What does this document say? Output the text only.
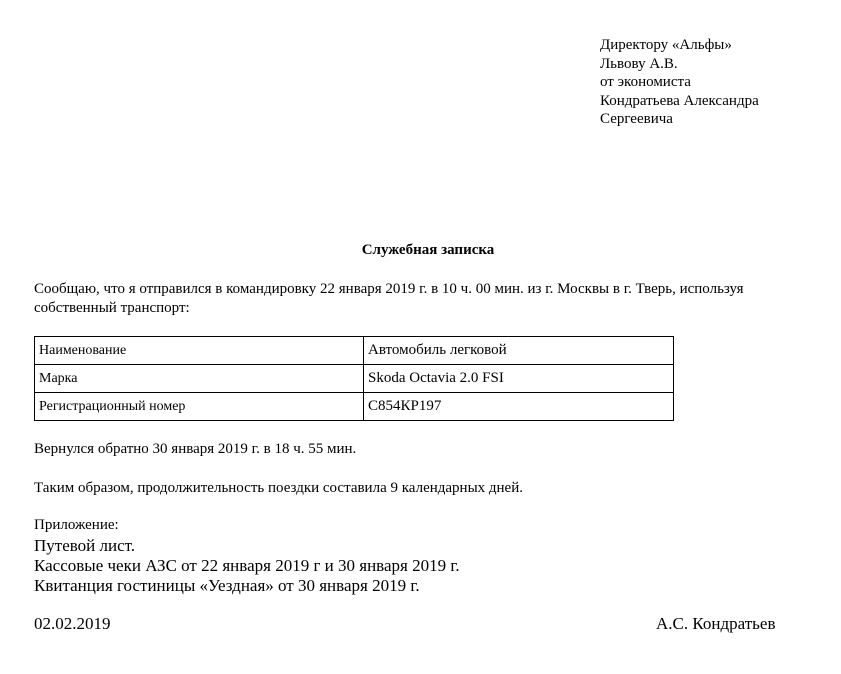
Директору «Альфы»
Львову А.В.
от экономиста
Кондратьева Александра
Сергеевича
Служебная записка
Сообщаю, что я отправился в командировку 22 января 2019 г. в 10 ч. 00 мин. из г. Москвы в г. Тверь, используя
собственный транспорт:
Наименование	Автомобиль легковой
Марка	Skoda Octavia 2.0 FSI
Регистрационный номер	С854КР197
Вернулся обратно 30 января 2019 г. в 18 ч. 55 мин.
Таким образом, продолжительность поездки составила 9 календарных дней.
Приложение:
Путевой лист.
Кассовые чеки АЗС от 22 января 2019 г и 30 января 2019 г.
Квитанция гостиницы «Уездная» от 30 января 2019 г.
02.02.2019	А.С. Кондратьев
